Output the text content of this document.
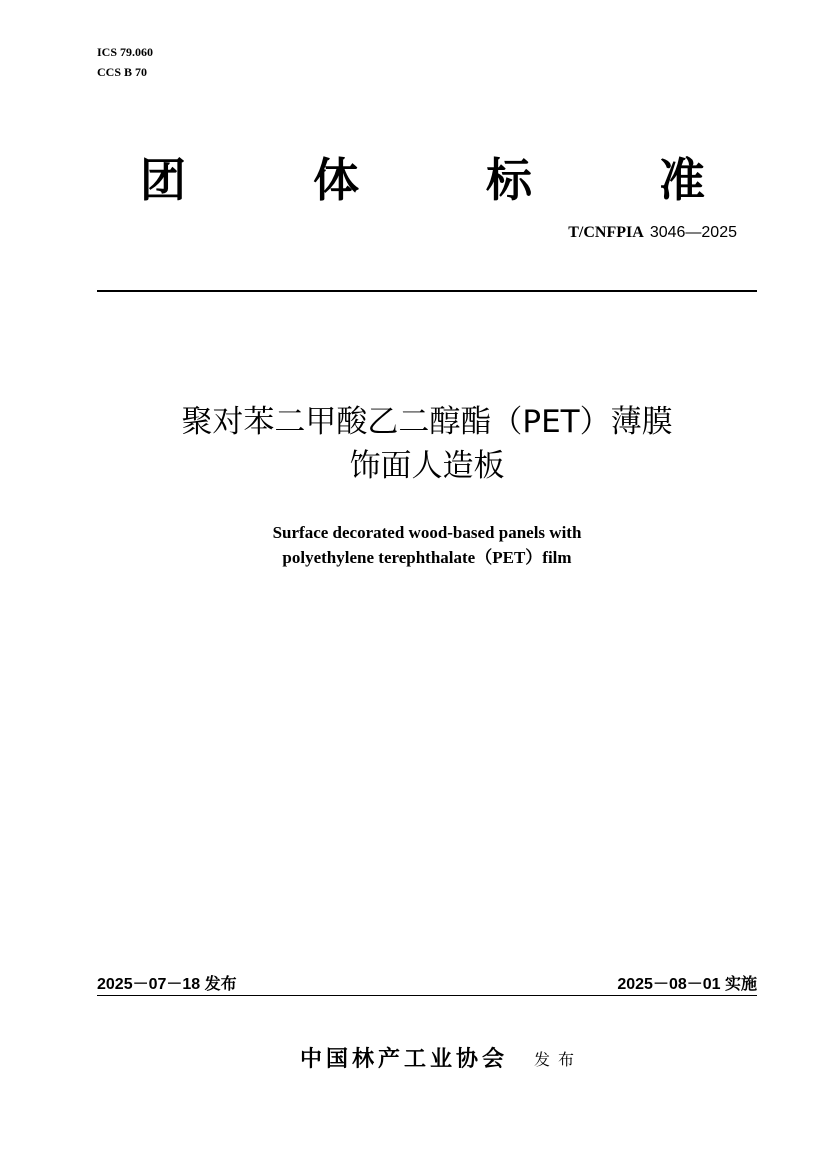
ICS 79.060
CCS B 70
团	体	标	准
T/CNFPIA 3046—2025
聚对苯二甲酸乙二醇酯（PET）薄膜
饰面人造板
Surface decorated wood-based panels with
polyethylene terephthalate（PET）film
2025－07－18 发布	2025－08－01 实施
中国林产工业协会 发布
